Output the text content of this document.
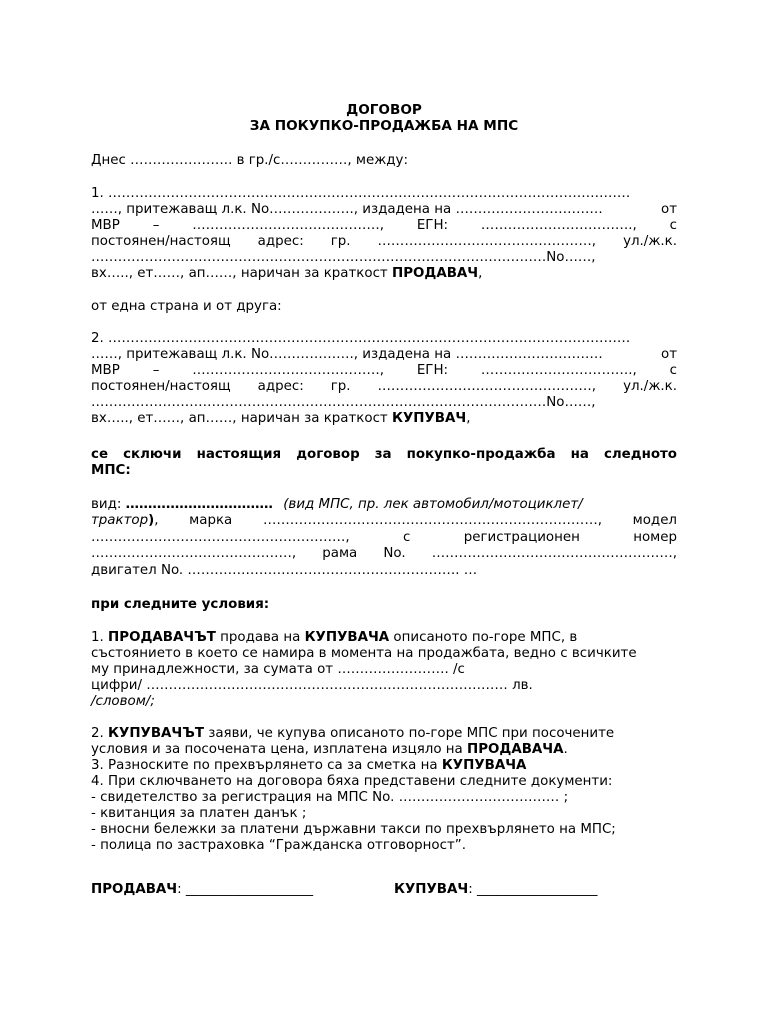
ДОГОВОР
ЗА ПОКУПКО-ПРОДАЖБА НА МПС
Днес ………………….. в гр./с……………, между:
1. ………………………………………………………………………………………………………
……, притежаващ л.к. No………………., издадена на ……………………………	от
МВР – ……………………………………, ЕГН: ……………………………., с
постоянен/настоящ адрес: гр. …………………………………………, ул./ж.к.
…………………………………………………………………………………………No……,
вх….., ет……, ап……, наричан за краткост ПРОДАВАЧ,
от една страна и от друга:
2. ………………………………………………………………………………………………………
……, притежаващ л.к. No………………., издадена на ……………………………	от
МВР – ……………………………………, ЕГН: ……………………………., с
постоянен/настоящ адрес: гр. …………………………………………, ул./ж.к.
…………………………………………………………………………………………No……,
вх….., ет……, ап……, наричан за краткост КУПУВАЧ,
се сключи настоящия договор за покупко-продажба на следното
МПС:
вид: …………………………… (вид МПС, пр. лек автомобил/мотоциклет/
трактор), марка …………………………………………………………………, модел
…………………………………………………,	с	регистрационен	номер
………………………………………, рама No. ………………………………………………,
двигател No. ……………………………………………………. …
при следните условия:
1. ПРОДАВАЧЪТ продава на КУПУВАЧА описаното по-горе МПС, в
състоянието в което се намира в момента на продажбата, ведно с всичките
му принадлежности, за сумата от ……………………. /с
цифри/ ……………………………………………………………………… лв.
/словом/;
2. КУПУВАЧЪТ заяви, че купува описаното по-горе МПС при посочените
условия и за посочената цена, изплатена изцяло на ПРОДАВАЧА.
3. Разноските по прехвърлянето са за сметка на КУПУВАЧА
4. При сключването на договора бяха представени следните документи:
- свидетелство за регистрация на МПС No. ……………………………… ;
- квитанция за платен данък ;
- вносни бележки за платени държавни такси по прехвърлянето на МПС;
- полица по застраховка “Гражданска отговорност”.
ПРОДАВАЧ: ___________________	КУПУВАЧ: __________________
